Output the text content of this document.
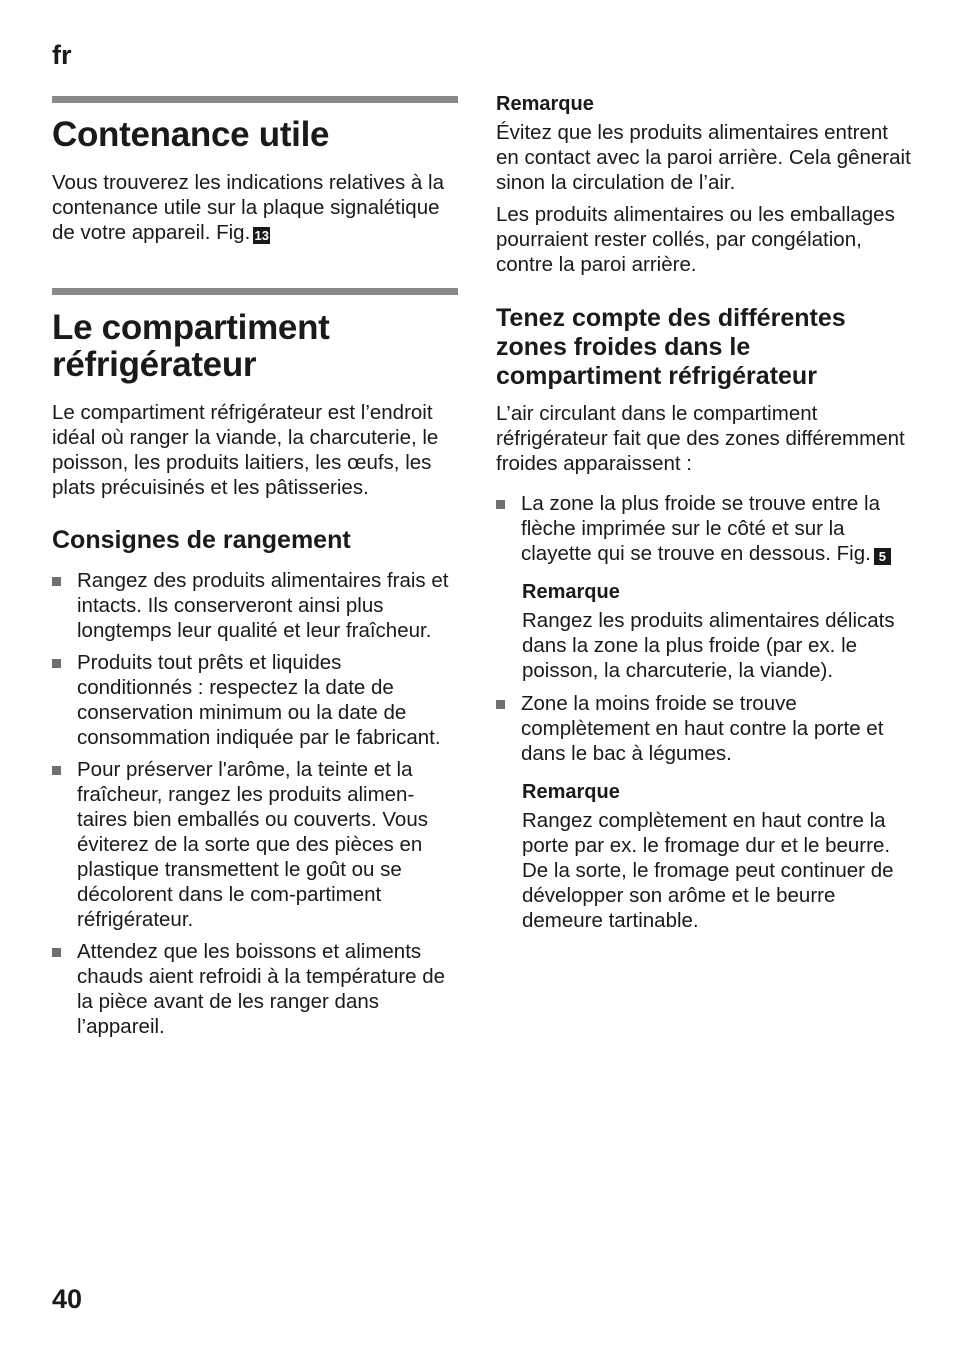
fr
Contenance utile

Vous trouverez les indications relatives à la contenance utile sur la plaque signalétique de votre appareil. Fig. 13

Le compartiment
réfrigérateur

Le compartiment réfrigérateur est l’endroit idéal où ranger la viande, la charcuterie, le poisson, les produits laitiers, les œufs, les plats précuisinés et les pâtisseries.

Consignes de rangement
Rangez des produits alimentaires frais et intacts. Ils conserveront ainsi plus longtemps leur qualité et leur fraîcheur.
Produits tout prêts et liquides conditionnés : respectez la date de conservation minimum ou la date de consommation indiquée par le fabricant.
Pour préserver l'arôme, la teinte et la fraîcheur, rangez les produits alimen-taires bien emballés ou couverts. Vous éviterez de la sorte que des pièces en plastique transmettent le goût ou se décolorent dans le com-partiment réfrigérateur.
Attendez que les boissons et aliments chauds aient refroidi à la température de la pièce avant de les ranger dans l’appareil.
Remarque

Évitez que les produits alimentaires entrent en contact avec la paroi arrière. Cela gênerait sinon la circulation de l’air.

Les produits alimentaires ou les emballages pourraient rester collés, par congélation, contre la paroi arrière.

Tenez compte des différentes
zones froides dans le
compartiment réfrigérateur

L’air circulant dans le compartiment réfrigérateur fait que des zones différemment froides apparaissent :

La zone la plus froide se trouve entre la flèche imprimée sur le côté et sur la clayette qui se trouve en dessous. Fig. 5
Remarque

Rangez les produits alimentaires délicats dans la zone la plus froide (par ex. le poisson, la charcuterie, la viande).

Zone la moins froide se trouve complètement en haut contre la porte et dans le bac à légumes.
Remarque

Rangez complètement en haut contre la porte par ex. le fromage dur et le beurre. De la sorte, le fromage peut continuer de développer son arôme et le beurre demeure tartinable.

40
